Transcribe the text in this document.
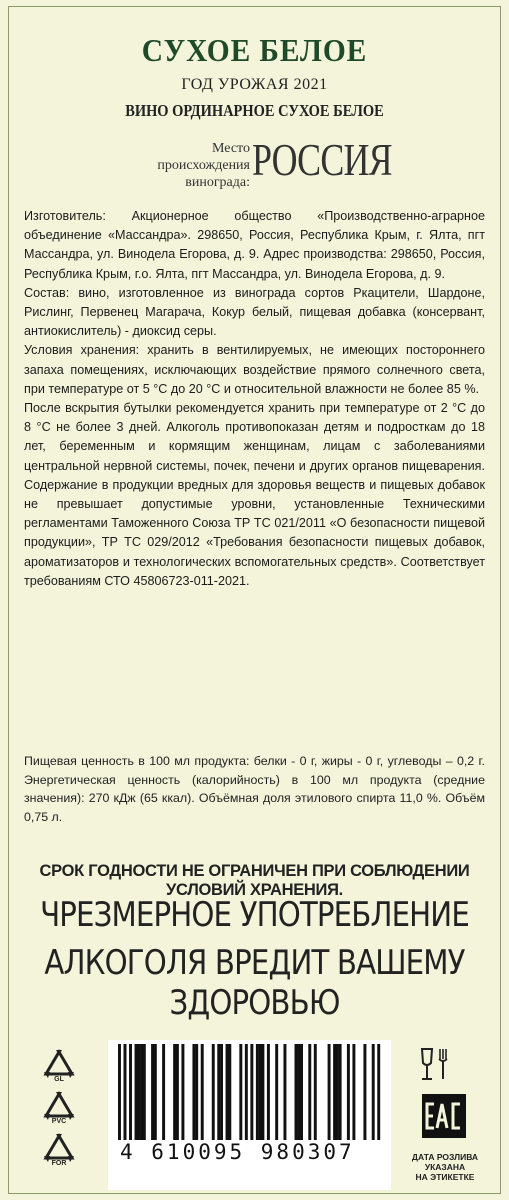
СУХОЕ БЕЛОЕ
ГОД УРОЖАЯ 2021
ВИНО ОРДИНАРНОЕ СУХОЕ БЕЛОЕ
Место
происхождения
винограда: РОССИЯ

Изготовитель: Акционерное общество «Производственно-аграрное объединение «Массандра». 298650, Россия, Республика Крым, г. Ялта, пгт Массандра, ул. Винодела Егорова, д. 9. Адрес производства: 298650, Россия, Республика Крым, г.о. Ялта, пгт Массандра, ул. Винодела Егорова, д. 9.

Состав: вино, изготовленное из винограда сортов Ркацители, Шардоне, Рислинг, Первенец Магарача, Кокур белый, пищевая добавка (консервант, антиокислитель) - диоксид серы.

Условия хранения: хранить в вентилируемых, не имеющих постороннего запаха помещениях, исключающих воздействие прямого солнечного света, при температуре от 5 °С до 20 °С и относительной влажности не более 85 %.

После вскрытия бутылки рекомендуется хранить при температуре от 2 °С до 8 °С не более 3 дней. Алкоголь противопоказан детям и подросткам до 18 лет, беременным и кормящим женщинам, лицам с заболеваниями центральной нервной системы, почек, печени и других органов пищеварения. Содержание в продукции вредных для здоровья веществ и пищевых добавок не превышает допустимые уровни, установленные Техническими регламентами Таможенного Союза ТР ТС 021/2011 «О безопасности пищевой продукции», ТР ТС 029/2012 «Требования безопасности пищевых добавок, ароматизаторов и технологических вспомогательных средств». Соответствует требованиям СТО 45806723-011-2021.

Пищевая ценность в 100 мл продукта: белки - 0 г, жиры - 0 г, углеводы – 0,2 г. Энергетическая ценность (калорийность) в 100 мл продукта (средние значения): 270 кДж (65 ккал). Объёмная доля этилового спирта 11,0 %. Объём 0,75 л.
СРОК ГОДНОСТИ НЕ ОГРАНИЧЕН ПРИ СОБЛЮДЕНИИ УСЛОВИЙ ХРАНЕНИЯ.
ЧРЕЗМЕРНОЕ УПОТРЕБЛЕНИЕ
АЛКОГОЛЯ ВРЕДИТ ВАШЕМУ ЗДОРОВЬЮ
GL
PVC
FOR	4 610095 980307	ДАТА РОЗЛИВА
УКАЗАНА
НА ЭТИКЕТКЕ
